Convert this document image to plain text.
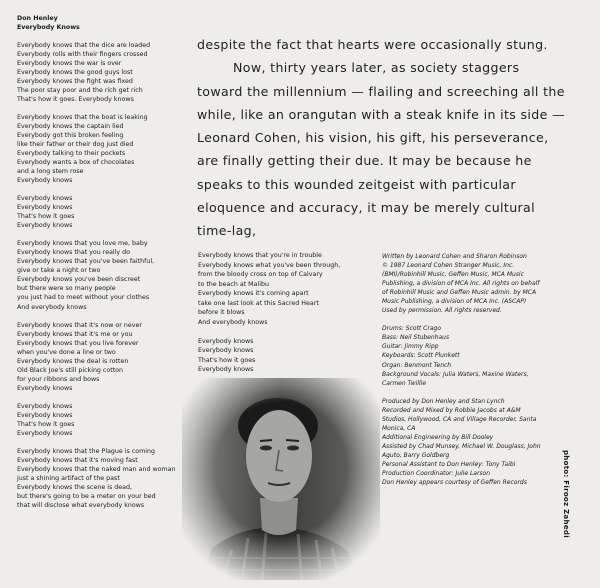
Don Henley
Everybody Knows
Everybody knows that the dice are loaded
Everybody rolls with their fingers crossed
Everybody knows the war is over
Everybody knows the good guys lost
Everybody knows the fight was fixed
The poor stay poor and the rich get rich
That's how it goes. Everybody knows
Everybody knows that the boat is leaking
Everybody knows the captain lied
Everybody got this broken feeling
like their father or their dog just died
Everybody talking to their pockets
Everybody wants a box of chocolates
and a long stem rose
Everybody knows
Everybody knows
Everybody knows
That's how it goes
Everybody knows
Everybody knows that you love me, baby
Everybody knows that you really do
Everybody knows that you've been faithful,
give or take a night or two
Everybody knows you've been discreet
but there were so many people
you just had to meet without your clothes
And everybody knows
Everybody knows that it's now or never
Everybody knows that it's me or you
Everybody knows that you live forever
when you've done a line or two
Everybody knows the deal is rotten
Old Black Joe's still picking cotton
for your ribbons and bows
Everybody knows
Everybody knows
Everybody knows
That's how it goes
Everybody knows
Everybody knows that the Plague is coming
Everybody knows that it's moving fast
Everybody knows that the naked man and woman
just a shining artifact of the past
Everybody knows the scene is dead,
but there's going to be a meter on your bed
that will disclose what everybody knows

despite the fact that hearts were occasionally stung.

Now, thirty years later, as society staggers toward the millennium — flailing and screeching all the while, like an orangutan with a steak knife in its side — Leonard Cohen, his vision, his gift, his perseverance, are finally getting their due. It may be because he speaks to this wounded zeitgeist with particular eloquence and accuracy, it may be merely cultural time-lag,

Everybody knows that you're in trouble
Everybody knows what you've been through,
from the bloody cross on top of Calvary
to the beach at Malibu
Everybody knows it's coming apart
take one last look at this Sacred Heart
before it blows
And everybody knows
Everybody knows
Everybody knows
That's how it goes
Everybody knows
Written by Leonard Cohen and Sharon Robinson
© 1987 Leonard Cohen Stranger Music, Inc.
(BMI)/Robinhill Music, Geffen Music, MCA Music
Publishing, a division of MCA Inc. All rights on behalf
of Robinhill Music and Geffen Music admin. by MCA
Music Publishing, a division of MCA Inc. (ASCAP)
Used by permission. All rights reserved.
Drums: Scott Crago
Bass: Neil Stubenhaus
Guitar: Jimmy Ripp
Keyboards: Scott Plunkett
Organ: Benmont Tench
Background Vocals: Julia Waters, Maxine Waters,
Carmen Twillie
Produced by Don Henley and Stan Lynch
Recorded and Mixed by Robbie Jacobs at A&M
Studios, Hollywood, CA and Village Recorder, Santa
Monica, CA
Additional Engineering by Bill Dooley
Assisted by Chad Munsey, Michael W. Douglass, John
Aguto, Barry Goldberg
Personal Assistant to Don Henley: Tony Taibi
Production Coordinator: Julie Larson
Don Henley appears courtesy of Geffen Records	photo: Firooz Zahedi
